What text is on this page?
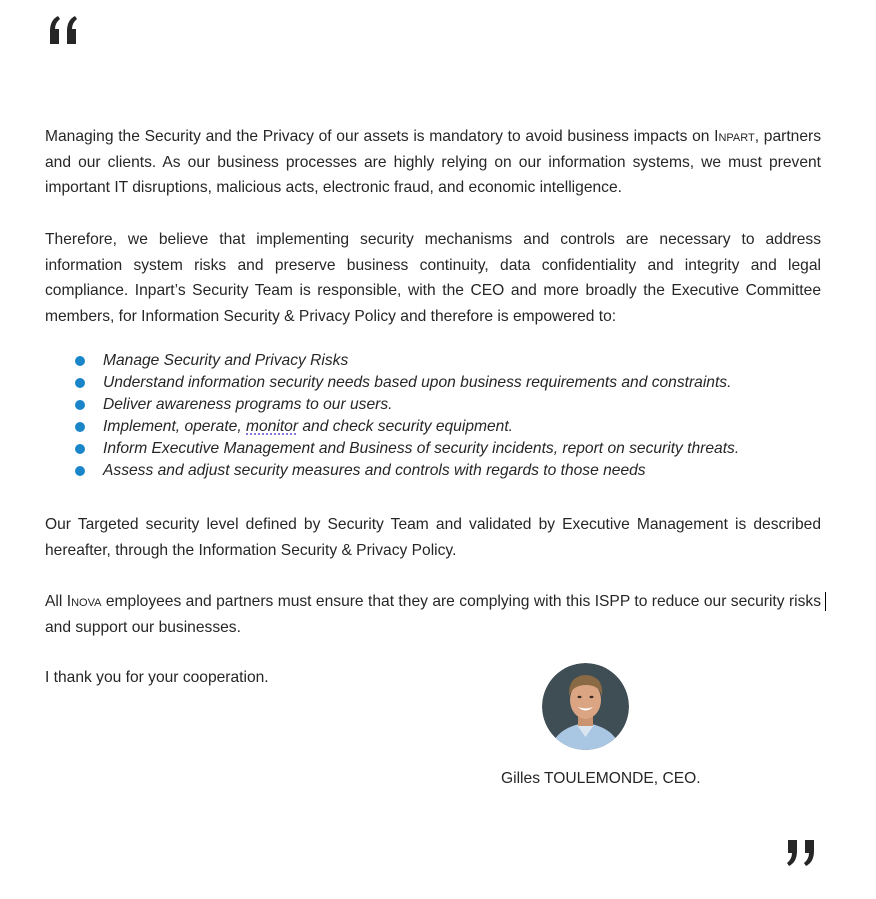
Managing the Security and the Privacy of our assets is mandatory to avoid business impacts on Inpart, partners and our clients. As our business processes are highly relying on our information systems, we must prevent important IT disruptions, malicious acts, electronic fraud, and economic intelligence.

Therefore, we believe that implementing security mechanisms and controls are necessary to address information system risks and preserve business continuity, data confidentiality and integrity and legal compliance. Inpart’s Security Team is responsible, with the CEO and more broadly the Executive Committee members, for Information Security & Privacy Policy and therefore is empowered to:

Manage Security and Privacy Risks
Understand information security needs based upon business requirements and constraints.
Deliver awareness programs to our users.
Implement, operate, monitor and check security equipment.
Inform Executive Management and Business of security incidents, report on security threats.
Assess and adjust security measures and controls with regards to those needs

Our Targeted security level defined by Security Team and validated by Executive Management is described hereafter, through the Information Security & Privacy Policy.

All Inova employees and partners must ensure that they are complying with this ISPP to reduce our security risks and support our businesses.

I thank you for your cooperation.

Gilles TOULEMONDE, CEO.
